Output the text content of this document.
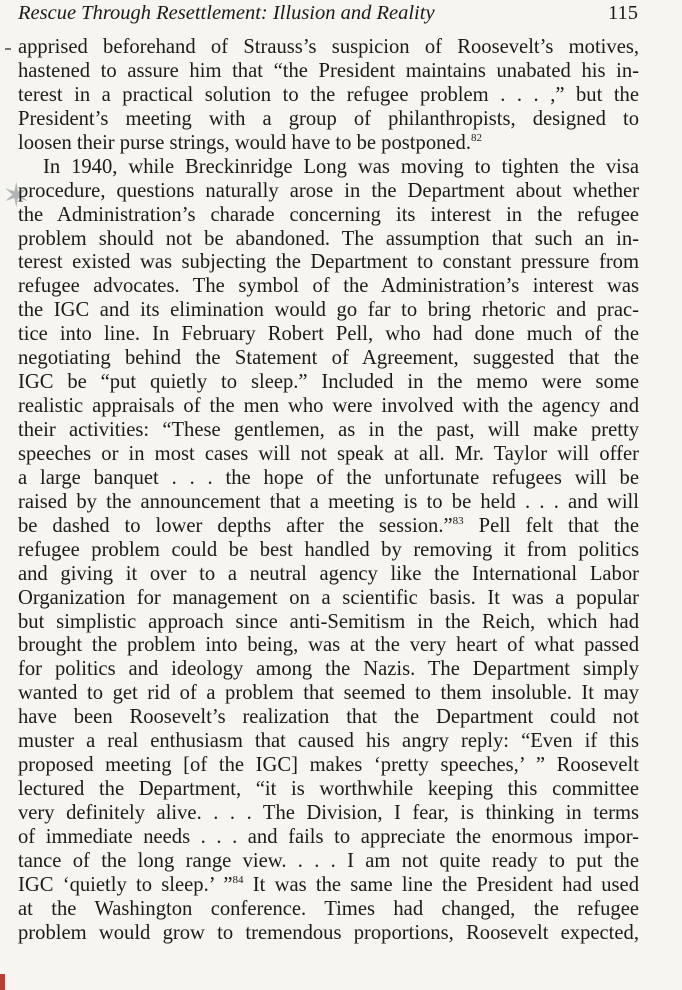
Rescue Through Resettlement: Illusion and Reality	115
✶
apprised beforehand of Strauss’s suspicion of Roosevelt’s motives,
hastened to assure him that “the President maintains unabated his in-
terest in a practical solution to the refugee problem . . . ,” but the
President’s meeting with a group of philanthropists, designed to
loosen their purse strings, would have to be postponed.$^{82}$
In 1940, while Breckinridge Long was moving to tighten the visa
procedure, questions naturally arose in the Department about whether
the Administration’s charade concerning its interest in the refugee
problem should not be abandoned. The assumption that such an in-
terest existed was subjecting the Department to constant pressure from
refugee advocates. The symbol of the Administration’s interest was
the IGC and its elimination would go far to bring rhetoric and prac-
tice into line. In February Robert Pell, who had done much of the
negotiating behind the Statement of Agreement, suggested that the
IGC be “put quietly to sleep.” Included in the memo were some
realistic appraisals of the men who were involved with the agency and
their activities: “These gentlemen, as in the past, will make pretty
speeches or in most cases will not speak at all. Mr. Taylor will offer
a large banquet . . . the hope of the unfortunate refugees will be
raised by the announcement that a meeting is to be held . . . and will
be dashed to lower depths after the session.”$^{83}$ Pell felt that the
refugee problem could be best handled by removing it from politics
and giving it over to a neutral agency like the International Labor
Organization for management on a scientific basis. It was a popular
but simplistic approach since anti-Semitism in the Reich, which had
brought the problem into being, was at the very heart of what passed
for politics and ideology among the Nazis. The Department simply
wanted to get rid of a problem that seemed to them insoluble. It may
have been Roosevelt’s realization that the Department could not
muster a real enthusiasm that caused his angry reply: “Even if this
proposed meeting [of the IGC] makes ‘pretty speeches,’ ” Roosevelt
lectured the Department, “it is worthwhile keeping this committee
very definitely alive. . . . The Division, I fear, is thinking in terms
of immediate needs . . . and fails to appreciate the enormous impor-
tance of the long range view. . . . I am not quite ready to put the
IGC ‘quietly to sleep.’ ”$^{84}$ It was the same line the President had used
at the Washington conference. Times had changed, the refugee
problem would grow to tremendous proportions, Roosevelt expected,
